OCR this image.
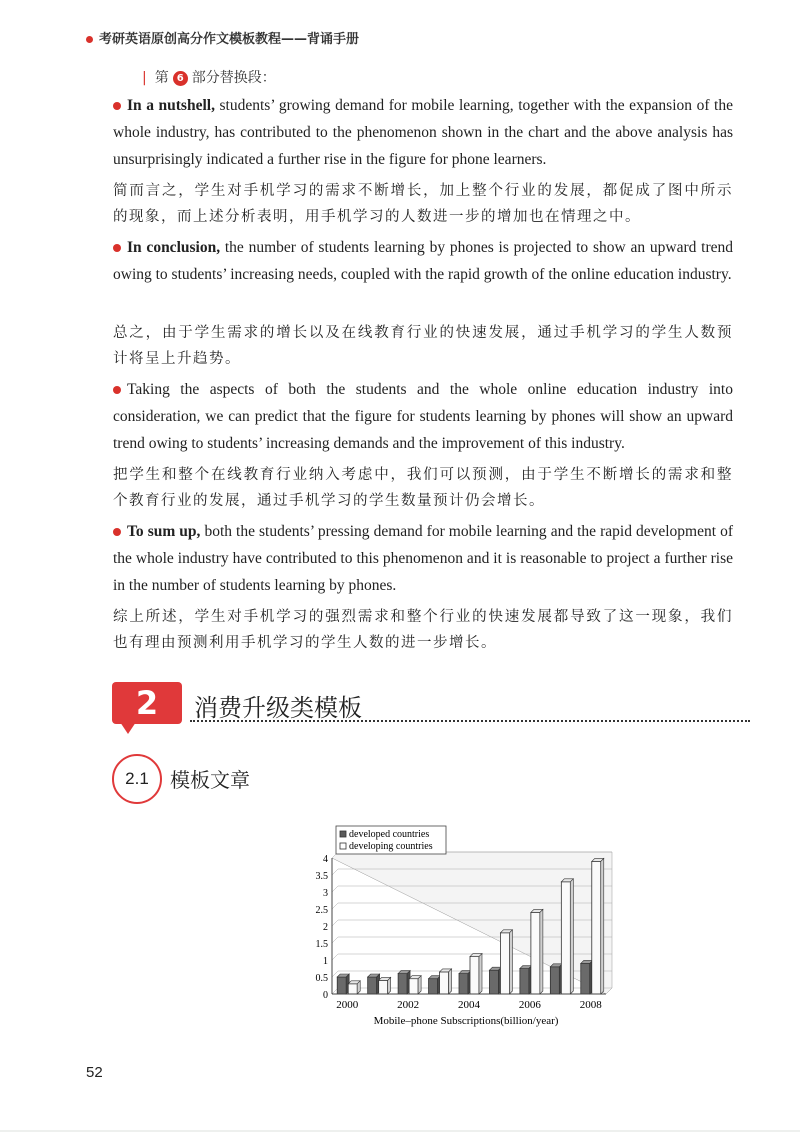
考研英语原创高分作文模板教程——背诵手册
| 第 6 部分替换段：
In a nutshell, students’ growing demand for mobile learning, together with the expansion of the whole industry, has contributed to the phenomenon shown in the chart and the above analysis has unsurprisingly indicated a further rise in the figure for phone learners.
简而言之，学生对手机学习的需求不断增长，加上整个行业的发展，都促成了图中所示的现象，而上述分析表明，用手机学习的人数进一步的增加也在情理之中。
In conclusion, the number of students learning by phones is projected to show an upward trend owing to students’ increasing needs, coupled with the rapid growth of the online education industry.
总之，由于学生需求的增长以及在线教育行业的快速发展，通过手机学习的学生人数预计将呈上升趋势。
Taking the aspects of both the students and the whole online education industry into consideration, we can predict that the figure for students learning by phones will show an upward trend owing to students’ increasing demands and the improvement of this industry.
把学生和整个在线教育行业纳入考虑中，我们可以预测，由于学生不断增长的需求和整个教育行业的发展，通过手机学习的学生数量预计仍会增长。
To sum up, both the students’ pressing demand for mobile learning and the rapid development of the whole industry have contributed to this phenomenon and it is reasonable to project a further rise in the number of students learning by phones.
综上所述，学生对手机学习的强烈需求和整个行业的快速发展都导致了这一现象，我们也有理由预测利用手机学习的学生人数的进一步增长。
2	消费升级类模板
2.1	模板文章
0
0.5
1
1.5
2
2.5
3
3.5
4
2000	2002	2004	2006	2008
developed countries
developing countries
Mobile–phone Subscriptions(billion/year)
52
